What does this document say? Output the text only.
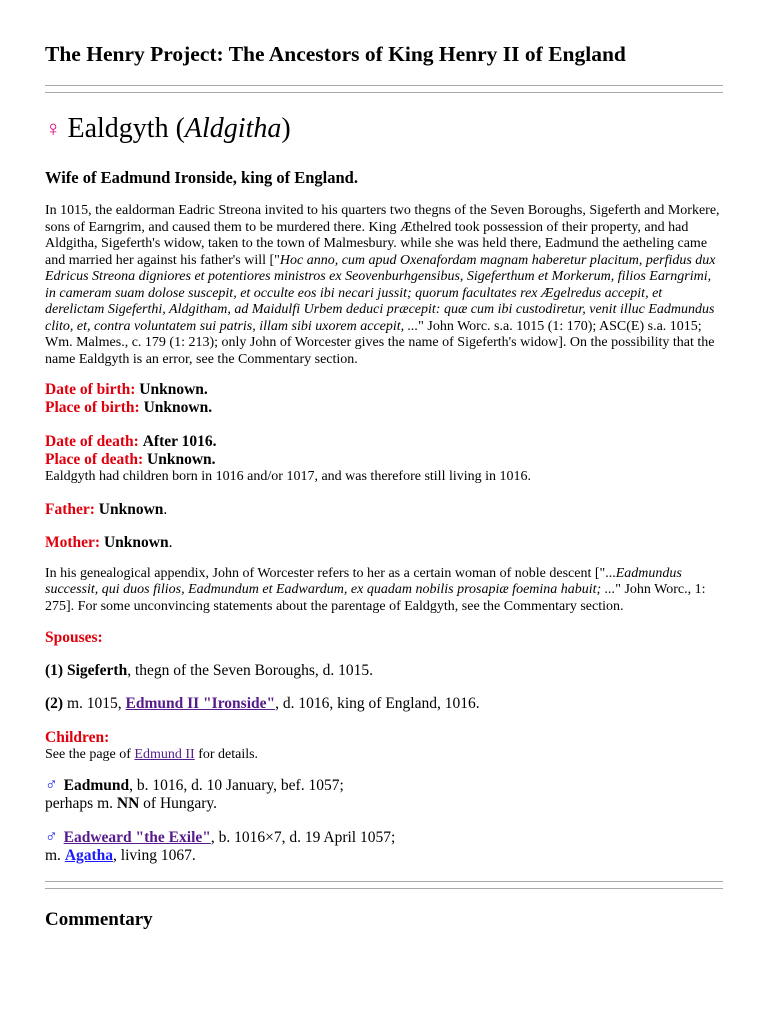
The Henry Project: The Ancestors of King Henry II of England
♀ Ealdgyth (Aldgitha)
Wife of Eadmund Ironside, king of England.

In 1015, the ealdorman Eadric Streona invited to his quarters two thegns of the Seven Boroughs, Sigeferth and Morkere, sons of Earngrim, and caused them to be murdered there. King Æthelred took possession of their property, and had Aldgitha, Sigeferth's widow, taken to the town of Malmesbury. while she was held there, Eadmund the aetheling came and married her against his father's will ["Hoc anno, cum apud Oxenafordam magnam haberetur placitum, perfidus dux Edricus Streona digniores et potentiores ministros ex Seovenburhgensibus, Sigeferthum et Morkerum, filios Earngrimi, in cameram suam dolose suscepit, et occulte eos ibi necari jussit; quorum facultates rex Ægelredus accepit, et derelictam Sigeferthi, Aldgitham, ad Maidulfi Urbem deduci præcepit: quæ cum ibi custodiretur, venit illuc Eadmundus clito, et, contra voluntatem sui patris, illam sibi uxorem accepit, ..." John Worc. s.a. 1015 (1: 170); ASC(E) s.a. 1015; Wm. Malmes., c. 179 (1: 213); only John of Worcester gives the name of Sigeferth's widow]. On the possibility that the name Ealdgyth is an error, see the Commentary section.

Date of birth: Unknown.

Place of birth: Unknown.

Date of death: After 1016.

Place of death: Unknown.

Ealdgyth had children born in 1016 and/or 1017, and was therefore still living in 1016.

Father: Unknown.

Mother: Unknown.

In his genealogical appendix, John of Worcester refers to her as a certain woman of noble descent ["...Eadmundus successit, qui duos filios, Eadmundum et Eadwardum, ex quadam nobilis prosapiæ foemina habuit; ..." John Worc., 1: 275]. For some unconvincing statements about the parentage of Ealdgyth, see the Commentary section.

Spouses:

(1) Sigeferth, thegn of the Seven Boroughs, d. 1015.

(2) m. 1015, Edmund II "Ironside", d. 1016, king of England, 1016.

Children:

See the page of Edmund II for details.

♂ Eadmund, b. 1016, d. 10 January, bef. 1057;

perhaps m. NN of Hungary.

♂ Eadweard "the Exile", b. 1016×7, d. 19 April 1057;

m. Agatha, living 1067.

Commentary
